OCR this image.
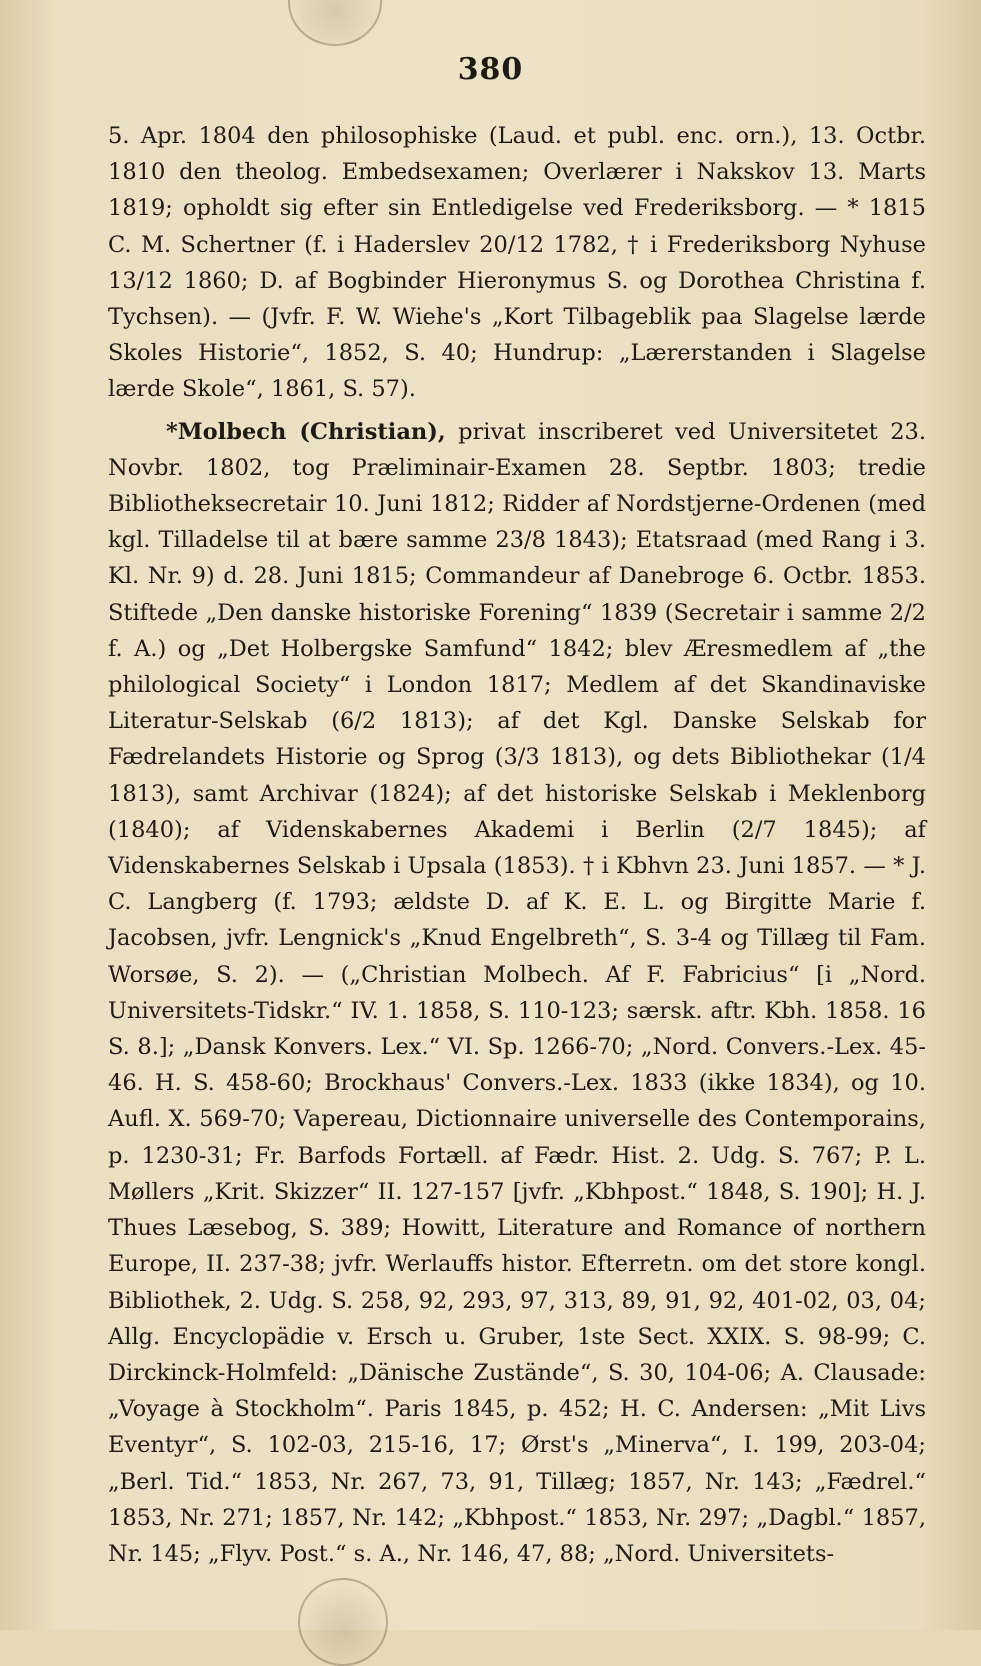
380

5. Apr. 1804 den philosophiske (Laud. et publ. enc. orn.), 13. Octbr. 1810 den theolog. Embedsexamen; Overlærer i Nakskov 13. Marts 1819; opholdt sig efter sin Entledigelse ved Frederiksborg. — * 1815 C. M. Schertner (f. i Haderslev 20/12 1782, † i Frederiksborg Nyhuse 13/12 1860; D. af Bogbinder Hieronymus S. og Dorothea Christina f. Tychsen). — (Jvfr. F. W. Wiehe's „Kort Tilbageblik paa Slagelse lærde Skoles Historie“, 1852, S. 40; Hundrup: „Lærerstanden i Slagelse lærde Skole“, 1861, S. 57).

*Molbech (Christian), privat inscriberet ved Universitetet 23. Novbr. 1802, tog Præliminair-Examen 28. Septbr. 1803; tredie Bibliotheksecretair 10. Juni 1812; Ridder af Nordstjerne-Ordenen (med kgl. Tilladelse til at bære samme 23/8 1843); Etatsraad (med Rang i 3. Kl. Nr. 9) d. 28. Juni 1815; Commandeur af Danebroge 6. Octbr. 1853. Stiftede „Den danske historiske Forening“ 1839 (Secretair i samme 2/2 f. A.) og „Det Holbergske Samfund“ 1842; blev Æresmedlem af „the philological Society“ i London 1817; Medlem af det Skandinaviske Literatur-Selskab (6/2 1813); af det Kgl. Danske Selskab for Fædrelandets Historie og Sprog (3/3 1813), og dets Bibliothekar (1/4 1813), samt Archivar (1824); af det historiske Selskab i Meklenborg (1840); af Videnskabernes Akademi i Berlin (2/7 1845); af Videnskabernes Selskab i Upsala (1853). † i Kbhvn 23. Juni 1857. — * J. C. Langberg (f. 1793; ældste D. af K. E. L. og Birgitte Marie f. Jacobsen, jvfr. Lengnick's „Knud Engelbreth“, S. 3-4 og Tillæg til Fam. Worsøe, S. 2). — („Christian Molbech. Af F. Fabricius“ [i „Nord. Universitets-Tidskr.“ IV. 1. 1858, S. 110-123; særsk. aftr. Kbh. 1858. 16 S. 8.]; „Dansk Konvers. Lex.“ VI. Sp. 1266-70; „Nord. Convers.-Lex. 45-46. H. S. 458-60; Brockhaus' Convers.-Lex. 1833 (ikke 1834), og 10. Aufl. X. 569-70; Vapereau, Dictionnaire universelle des Contemporains, p. 1230-31; Fr. Barfods Fortæll. af Fædr. Hist. 2. Udg. S. 767; P. L. Møllers „Krit. Skizzer“ II. 127-157 [jvfr. „Kbhpost.“ 1848, S. 190]; H. J. Thues Læsebog, S. 389; Howitt, Literature and Romance of northern Europe, II. 237-38; jvfr. Werlauffs histor. Efterretn. om det store kongl. Bibliothek, 2. Udg. S. 258, 92, 293, 97, 313, 89, 91, 92, 401-02, 03, 04; Allg. Encyclopädie v. Ersch u. Gruber, 1ste Sect. XXIX. S. 98-99; C. Dirckinck-Holmfeld: „Dänische Zustände“, S. 30, 104-06; A. Clausade: „Voyage à Stockholm“. Paris 1845, p. 452; H. C. Andersen: „Mit Livs Eventyr“, S. 102-03, 215-16, 17; Ørst's „Minerva“, I. 199, 203-04; „Berl. Tid.“ 1853, Nr. 267, 73, 91, Tillæg; 1857, Nr. 143; „Fædrel.“ 1853, Nr. 271; 1857, Nr. 142; „Kbhpost.“ 1853, Nr. 297; „Dagbl.“ 1857, Nr. 145; „Flyv. Post.“ s. A., Nr. 146, 47, 88; „Nord. Universitets-
